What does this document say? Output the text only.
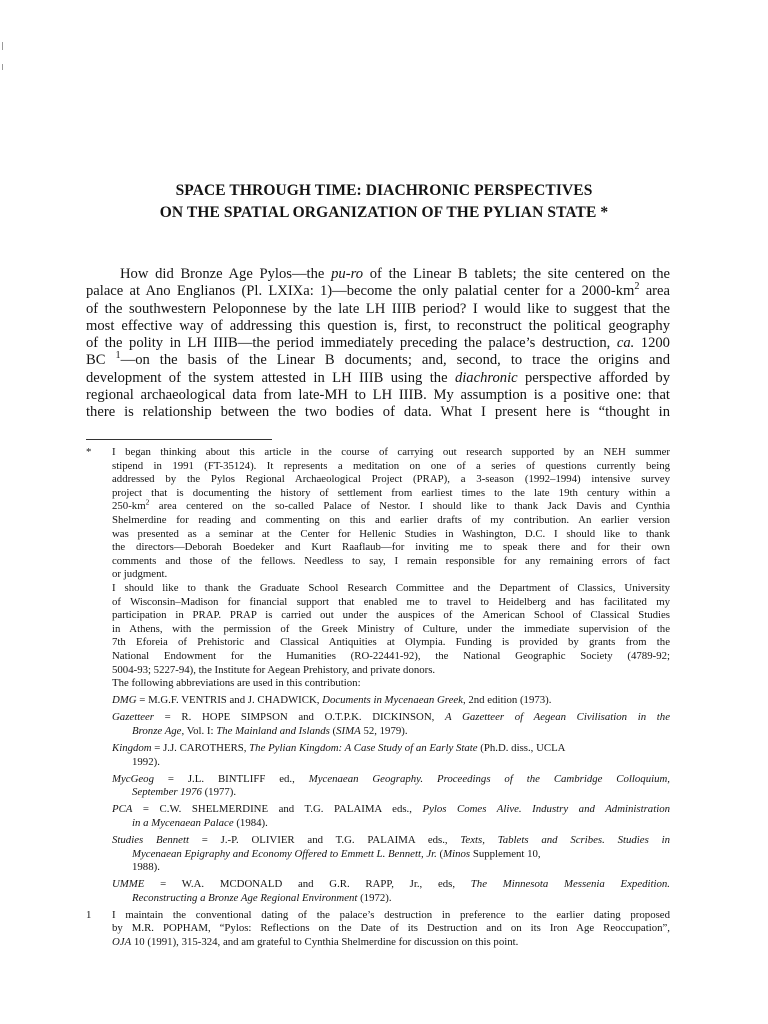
SPACE THROUGH TIME: DIACHRONIC PERSPECTIVES
ON THE SPATIAL ORGANIZATION OF THE PYLIAN STATE *
How did Bronze Age Pylos—the pu-ro of the Linear B tablets; the site centered on the
palace at Ano Englianos (Pl. LXIXa: 1)—become the only palatial center for a $2000-km^2$ area
of the southwestern Peloponnese by the late LH IIIB period? I would like to suggest that the
most effective way of addressing this question is, first, to reconstruct the political geography
of the polity in LH IIIB—the period immediately preceding the palace’s destruction, ca. 1200
BC $^1$—on the basis of the Linear B documents; and, second, to trace the origins and
development of the system attested in LH IIIB using the diachronic perspective afforded by
regional archaeological data from late-MH to LH IIIB. My assumption is a positive one: that
there is relationship between the two bodies of data. What I present here is “thought in
*	I began thinking about this article in the course of carrying out research supported by an NEH summer
stipend in 1991 (FT-35124). It represents a meditation on one of a series of questions currently being
addressed by the Pylos Regional Archaeological Project (PRAP), a 3-season (1992–1994) intensive survey
project that is documenting the history of settlement from earliest times to the late 19th century within a
$250-km^2$ area centered on the so-called Palace of Nestor. I should like to thank Jack Davis and Cynthia
Shelmerdine for reading and commenting on this and earlier drafts of my contribution. An earlier version
was presented as a seminar at the Center for Hellenic Studies in Washington, D.C. I should like to thank
the directors—Deborah Boedeker and Kurt Raaflaub—for inviting me to speak there and for their own
comments and those of the fellows. Needless to say, I remain responsible for any remaining errors of fact
or judgment.
I should like to thank the Graduate School Research Committee and the Department of Classics, University
of Wisconsin–Madison for financial support that enabled me to travel to Heidelberg and has facilitated my
participation in PRAP. PRAP is carried out under the auspices of the American School of Classical Studies
in Athens, with the permission of the Greek Ministry of Culture, under the immediate supervision of the
7th Eforeia of Prehistoric and Classical Antiquities at Olympia. Funding is provided by grants from the
National Endowment for the Humanities (RO-22441-92), the National Geographic Society (4789-92;
5004-93; 5227-94), the Institute for Aegean Prehistory, and private donors.
The following abbreviations are used in this contribution:
DMG = M.G.F. VENTRIS and J. CHADWICK, Documents in Mycenaean Greek, 2nd edition (1973).
Gazetteer = R. HOPE SIMPSON and O.T.P.K. DICKINSON, A Gazetteer of Aegean Civilisation in the
Bronze Age, Vol. I: The Mainland and Islands (SIMA 52, 1979).
Kingdom = J.J. CAROTHERS, The Pylian Kingdom: A Case Study of an Early State (Ph.D. diss., UCLA
1992).
MycGeog = J.L. BINTLIFF ed., Mycenaean Geography. Proceedings of the Cambridge Colloquium,
September 1976 (1977).
PCA = C.W. SHELMERDINE and T.G. PALAIMA eds., Pylos Comes Alive. Industry and Administration
in a Mycenaean Palace (1984).
Studies Bennett = J.-P. OLIVIER and T.G. PALAIMA eds., Texts, Tablets and Scribes. Studies in
Mycenaean Epigraphy and Economy Offered to Emmett L. Bennett, Jr. (Minos Supplement 10,
1988).
UMME = W.A. MCDONALD and G.R. RAPP, Jr., eds, The Minnesota Messenia Expedition.
Reconstructing a Bronze Age Regional Environment (1972).
1	I maintain the conventional dating of the palace’s destruction in preference to the earlier dating proposed
by M.R. POPHAM, “Pylos: Reflections on the Date of its Destruction and on its Iron Age Reoccupation”,
OJA 10 (1991), 315-324, and am grateful to Cynthia Shelmerdine for discussion on this point.
